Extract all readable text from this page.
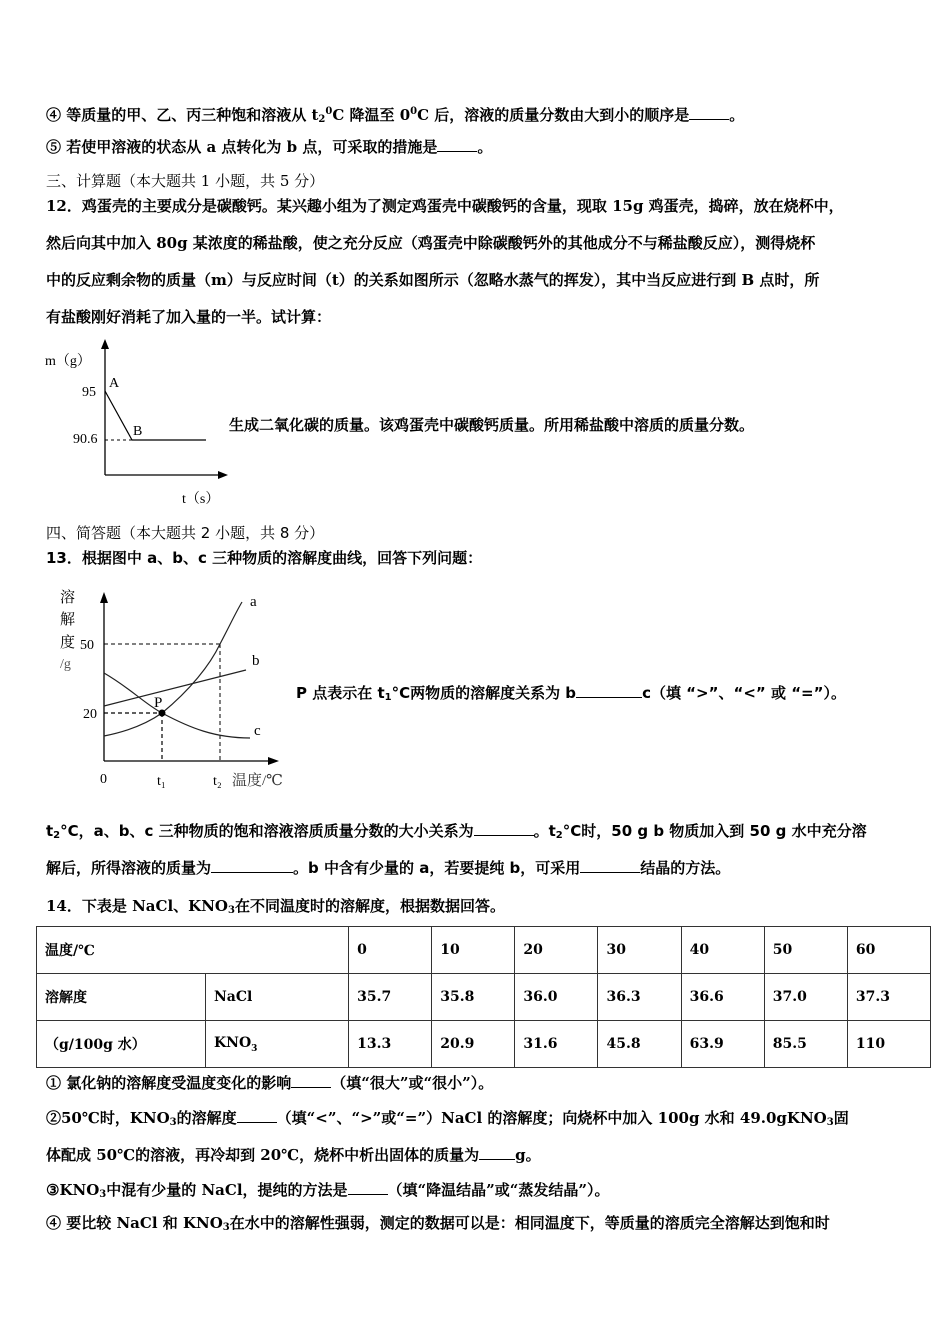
④ 等质量的甲、乙、丙三种饱和溶液从 $t_2^0C$ 降温至 $0^0C$ 后，溶液的质量分数由大到小的顺序是	。
⑤ 若使甲溶液的状态从 a 点转化为 b 点，可采取的措施是	。
三、计算题（本大题共 1 小题，共 5 分）
12．鸡蛋壳的主要成分是碳酸钙。某兴趣小组为了测定鸡蛋壳中碳酸钙的含量，现取 15g 鸡蛋壳，捣碎，放在烧杯中，
然后向其中加入 80g 某浓度的稀盐酸，使之充分反应（鸡蛋壳中除碳酸钙外的其他成分不与稀盐酸反应），测得烧杯
中的反应剩余物的质量（m）与反应时间（t）的关系如图所示（忽略水蒸气的挥发），其中当反应进行到 B 点时，所
有盐酸刚好消耗了加入量的一半。试计算：
m（g）
95
90.6
A
B
t（s）
生成二氧化碳的质量。该鸡蛋壳中碳酸钙质量。所用稀盐酸中溶质的质量分数。
四、简答题（本大题共 2 小题，共 8 分）
13．根据图中 a、b、c 三种物质的溶解度曲线，回答下列问题：
溶
解
度
/g
50
20
0	t₁	t₂ 温度/℃
a
b
c
P
P 点表示在 $t_1^\circ C$两物质的溶解度关系为 b	c（填 “>”、“<” 或 “=”）。
$t_2^\circ C$，a、b、c 三种物质的饱和溶液溶质质量分数的大小关系为	。$t_2^\circ C$时，50 g b 物质加入到 50 g 水中充分溶
解后，所得溶液的质量为	。b 中含有少量的 a，若要提纯 b，可采用	结晶的方法。
14．下表是 NaCl、$KNO_3$在不同温度时的溶解度，根据数据回答。
温度/℃		0	10	20	30	40	50	60
溶解度	NaCl	35.7	35.8	36.0	36.3	36.6	37.0	37.3
（g/100g 水）	$KNO_3$	13.3	20.9	31.6	45.8	63.9	85.5	110
① 氯化钠的溶解度受温度变化的影响	（填“很大”或“很小”）。
②50℃时，$KNO_3$的溶解度	（填“<”、“>”或“=”）NaCl 的溶解度；向烧杯中加入 100g 水和 49.0gKNO$_3$固
体配成 50℃的溶液，再冷却到 20℃，烧杯中析出固体的质量为 g。
$③KNO_3$中混有少量的 NaCl，提纯的方法是	（填“降温结晶”或“蒸发结晶”）。
④ 要比较 NaCl 和 $KNO_3$在水中的溶解性强弱，测定的数据可以是：相同温度下，等质量的溶质完全溶解达到饱和时
